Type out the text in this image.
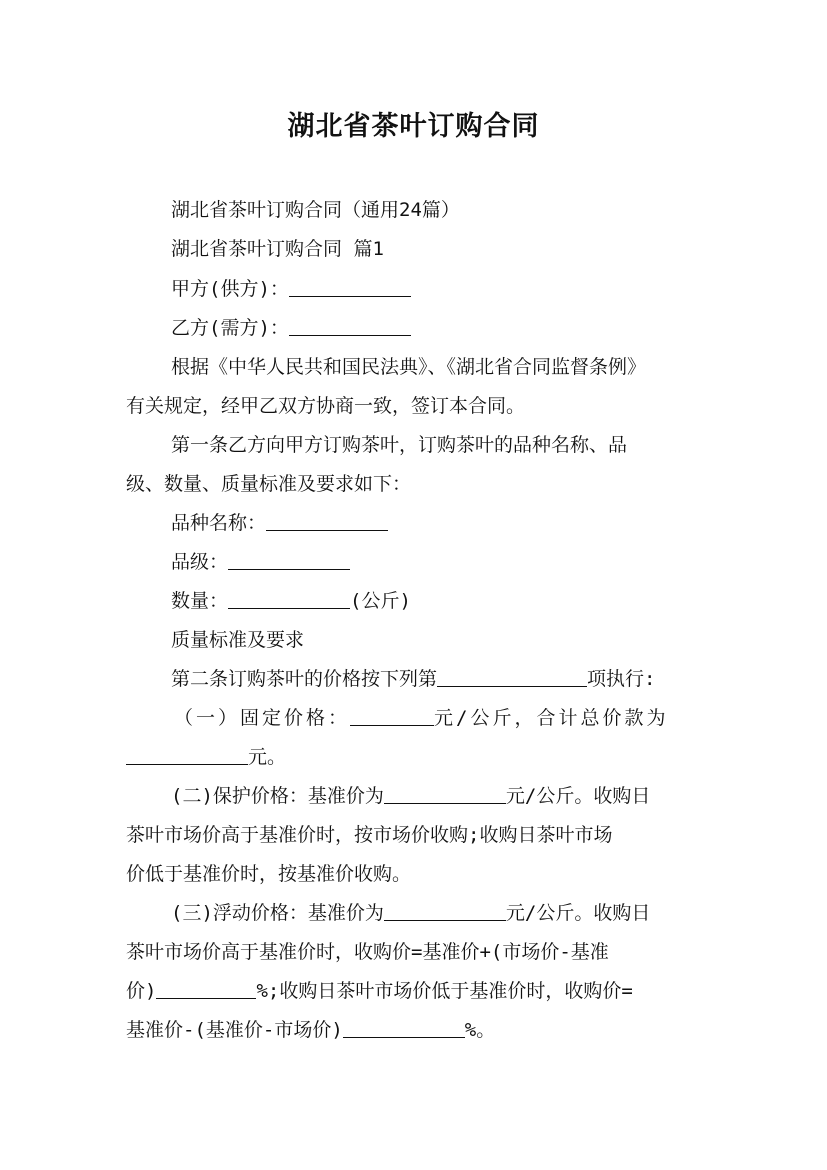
湖北省茶叶订购合同
湖北省茶叶订购合同（通用24篇）
湖北省茶叶订购合同 篇1
甲方(供方)：
乙方(需方)：
根据《中华人民共和国民法典》、《湖北省合同监督条例》
有关规定，经甲乙双方协商一致，签订本合同。
第一条乙方向甲方订购茶叶，订购茶叶的品种名称、品
级、数量、质量标准及要求如下：
品种名称：
品级：
数量：	(公斤)
质量标准及要求
第二条订购茶叶的价格按下列第	项执行:
（一）固定价格：	元/公斤，合计总价款为
元。
(二)保护价格：基准价为	元/公斤。收购日
茶叶市场价高于基准价时，按市场价收购;收购日茶叶市场
价低于基准价时，按基准价收购。
(三)浮动价格：基准价为	元/公斤。收购日
茶叶市场价高于基准价时，收购价=基准价+(市场价-基准
价)	%;收购日茶叶市场价低于基准价时，收购价=
基准价-(基准价-市场价)	%。
